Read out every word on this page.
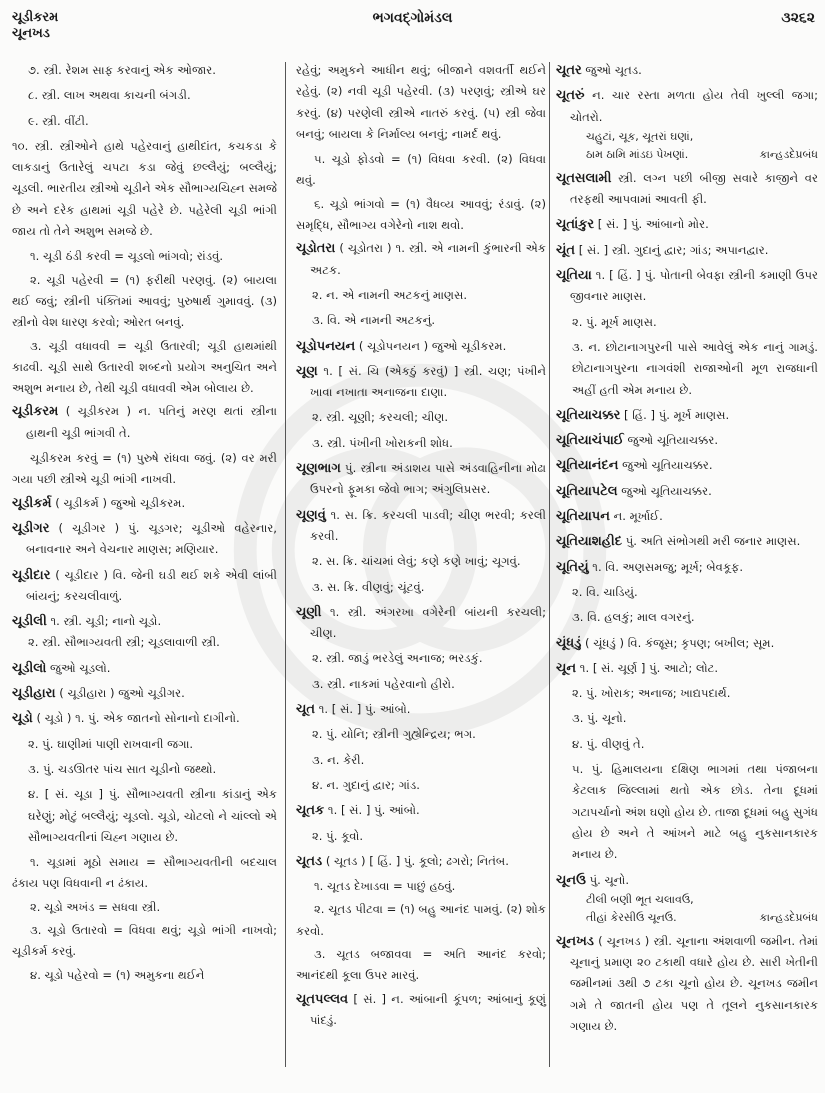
ચૂડીકરમ
ચૂનખડ
ભગવદ્ગોમંડલ	૩૨૬૨

૭. સ્ત્રી. રેશમ સાફ કરવાનું એક ઓજાર.

૮. સ્ત્રી. લાખ અથવા કાચની બંગડી.

૯. સ્ત્રી. વીંટી.

૧૦. સ્ત્રી. સ્ત્રીઓને હાથે પહેરવાનું હાથીદાંત, કચકડા કે લાકડાનું ઉતારેલું ચપટા કડા જેવું છલ્લૈયું; બલ્લૈયું; ચૂડલી. ભારતીય સ્ત્રીઓ ચૂડીને એક સૌભાગ્યચિહ્ન સમજે છે અને દરેક હાથમાં ચૂડી પહેરે છે. પહેરેલી ચૂડી ભાંગી જાય તો તેને અશુભ સમજે છે.

૧. ચૂડી ઠંડી કરવી = ચૂડલો ભાંગવો; રાંડવું.

૨. ચૂડી પહેરવી = (૧) ફરીથી પરણવું. (૨) બાયલા થઈ જવું; સ્ત્રીની પંક્તિમાં આવવું; પુરુષાર્થ ગુમાવવું. (૩) સ્ત્રીનો વેશ ધારણ કરવો; ઓરત બનવું.

૩. ચૂડી વધાવવી = ચૂડી ઉતારવી; ચૂડી હાથમાંથી કાઢવી. ચૂડી સાથે ઉતારવી શબ્દનો પ્રયોગ અનુચિત અને અશુભ મનાય છે, તેથી ચૂડી વધાવવી એમ બોલાય છે.

ચૂડીકરમ ( ચૂડીકરમ ) ન. પતિનું મરણ થતાં સ્ત્રીના હાથની ચૂડી ભાંગવી તે.

ચૂડીકરમ કરવું = (૧) પુરુષે રાંધવા જવું. (૨) વર મરી ગયા પછી સ્ત્રીએ ચૂડી ભાંગી નાખવી.

ચૂડીકર્મ ( ચૂડીકર્મ ) જુઓ ચૂડીકરમ.

ચૂડીગર ( ચૂડીગર ) પું. ચૂડગર; ચૂડીઓ વહેરનાર, બનાવનાર અને વેચનાર માણસ; મણિયાર.

ચૂડીદાર ( ચૂડીદાર ) વિ. જેની ઘડી થઈ શકે એવી લાંબી બાંયનું; કરચલીવાળું.

ચૂડીલી ૧. સ્ત્રી. ચૂડી; નાનો ચૂડો.

૨. સ્ત્રી. સૌભાગ્યવતી સ્ત્રી; ચૂડલાવાળી સ્ત્રી.

ચૂડીલો જુઓ ચૂડલો.

ચૂડીહારા ( ચૂડીહારા ) જુઓ ચૂડીગર.

ચૂડો ( ચૂડો ) ૧. પું. એક જાતનો સોનાનો દાગીનો.

૨. પું. ઘાણીમાં પાણી રાખવાની જગા.

૩. પું. ચડઊતર પાંચ સાત ચૂડીનો જથ્થો.

૪. [ સં. ચૂડા ] પું. સૌભાગ્યવતી સ્ત્રીના કાંડાનું એક ઘરેણું; મોટું બલ્લૈયું; ચૂડલો. ચૂડો, ચોટલો ને ચાંલ્લો એ સૌભાગ્યવતીનાં ચિહ્ન ગણાય છે.

૧. ચૂડામાં મૂઠો સમાય = સૌભાગ્યવતીની બદચાલ ઢંકાય પણ વિધવાની ન ઢંકાય.

૨. ચૂડો અખંડ = સધવા સ્ત્રી.

૩. ચૂડો ઉતારવો = વિધવા થવું; ચૂડો ભાંગી નાખવો; ચૂડીકર્મ કરવું.

૪. ચૂડો પહેરવો = (૧) અમુકના થઈને

રહેવું; અમુકને આધીન થવું; બીજાને વશવર્તી થઈને રહેવું. (૨) નવી ચૂડી પહેરવી. (૩) પરણવું; સ્ત્રીએ ઘર કરવું. (૪) પરણેલી સ્ત્રીએ નાતરું કરવું. (૫) સ્ત્રી જેવા બનવું; બાયલા કે નિર્માલ્ય બનવું; નામર્દ થવું.

૫. ચૂડો ફોડવો = (૧) વિધવા કરવી. (૨) વિધવા થવું.

૬. ચૂડો ભાંગવો = (૧) વૈધવ્ય આવવું; રંડાવું. (૨) સમૃદ્ધિ, સૌભાગ્ય વગેરેનો નાશ થવો.

ચૂડોતરા ( ચૂડોતરા ) ૧. સ્ત્રી. એ નામની કુંભારની એક અટક.

૨. ન. એ નામની અટકનું માણસ.

૩. વિ. એ નામની અટકનું.

ચૂડોપનયન ( ચૂડોપનયન ) જુઓ ચૂડીકરમ.

ચૂણ ૧. [ સં. ચિ (એકઠું કરવું) ] સ્ત્રી. ચણ; પંખીને ખાવા નખાતા અનાજના દાણા.

૨. સ્ત્રી. ચૂણી; કરચલી; ચીણ.

૩. સ્ત્રી. પંખીની ખોરાકની શોધ.

ચૂણભાગ પું. સ્ત્રીના અંડાશય પાસે અંડવાહિનીના મોઢા ઉપરનો ફૂમકા જેવો ભાગ; અંગુલિપ્રસર.

ચૂણવું ૧. સ. ક્રિ. કરચલી પાડવી; ચીણ ભરવી; કરલી કરવી.

૨. સ. ક્રિ. ચાંચમાં લેવું; કણે કણે ખાવું; ચૂગવું.

૩. સ. ક્રિ. વીણવું; ચૂંટવું.

ચૂણી ૧. સ્ત્રી. અંગરખા વગેરેની બાંયની કરચલી; ચીણ.

૨. સ્ત્રી. જાડું ભરડેલું અનાજ; ભરડકું.

૩. સ્ત્રી. નાકમાં પહેરવાનો હીરો.

ચૂત ૧. [ સં. ] પું. આંબો.

૨. પું. યોનિ; સ્ત્રીની ગુહ્યેન્દ્રિય; ભગ.

૩. ન. કેરી.

૪. ન. ગુદાનું દ્વાર; ગાંડ.

ચૂતક ૧. [ સં. ] પું. આંબો.

૨. પું. કૂવો.

ચૂતડ ( ચૂતડ ) [ હિં. ] પું. કૂલો; ઢગરો; નિતંબ.

૧. ચૂતડ દેખાડવા = પાછું હઠવું.

૨. ચૂતડ પીટવા = (૧) બહુ આનંદ પામવું. (૨) શોક કરવો.

૩. ચૂતડ બજાવવા = અતિ આનંદ કરવો; આનંદથી કૂલા ઉપર મારવું.

ચૂતપલ્લવ [ સં. ] ન. આંબાની કૂંપળ; આંબાનું કૂણું પાંદડું.

ચૂતર જુઓ ચૂતડ.

ચૂતરું ન. ચાર રસ્તા મળતા હોય તેવી ખુલ્લી જગા; ચોતરો.

ચહુટાં, ચૂક, ચૂતરાં ઘણાં,
ઠામ ઠામિ માંડઇ પેખણાં.	કાન્હડદેપ્રબંધ

ચૂતસલામી સ્ત્રી. લગ્ન પછી બીજી સવારે કાજીને વર તરફથી આપવામાં આવતી ફી.

ચૂતાંકુર [ સં. ] પું. આંબાનો મોર.

ચૂંત [ સં. ] સ્ત્રી. ગુદાનું દ્વાર; ગાંડ; અપાનદ્વાર.

ચૂતિયા ૧. [ હિં. ] પું. પોતાની બેવફા સ્ત્રીની કમાણી ઉપર જીવનાર માણસ.

૨. પું. મૂર્ખ માણસ.

૩. ન. છોટાનાગપુરની પાસે આવેલું એક નાનું ગામડું. છોટાનાગપુરના નાગવંશી રાજાઓની મૂળ રાજધાની અહીં હતી એમ મનાય છે.

ચૂતિયાચક્કર [ હિં. ] પું. મૂર્ખ માણસ.

ચૂતિયાચંપાઈ જુઓ ચૂતિયાચક્કર.

ચૂતિયાનંદન જુઓ ચૂતિયાચક્કર.

ચૂતિયાપટેલ જુઓ ચૂતિયાચક્કર.

ચૂતિયાપન ન. મૂર્ખાઈ.

ચૂતિયાશહીદ પું. અતિ સંભોગથી મરી જનાર માણસ.

ચૂતિયું ૧. વિ. અણસમજુ; મૂર્ખ; બેવકૂફ.

૨. વિ. ચાડિયું.

૩. વિ. હલકું; માલ વગરનું.

ચૂંધડું ( ચૂંધડું ) વિ. કંજૂસ; કૃપણ; બખીલ; સૂમ.

ચૂન ૧. [ સં. ચૂર્ણ ] પું. આટો; લોટ.

૨. પું. ખોરાક; અનાજ; ખાદ્યપદાર્થ.

૩. પું. ચૂનો.

૪. પું. વીણવું તે.

૫. પું. હિમાલયના દક્ષિણ ભાગમાં તથા પંજાબના કેટલાક જિલ્લામાં થતો એક છોડ. તેના દૂધમાં ગટાપર્ચાનો અંશ ઘણો હોય છે. તાજા દૂધમાં બહુ સુગંધ હોય છે અને તે આંખને માટે બહુ નુકસાનકારક મનાય છે.

ચૂનઉ પું. ચૂનો.

ટીલી બણી ભૂત ચલાવઉ,
તીહાં કેરસીઉ ચૂનઉ.	કાન્હડદેપ્રબંધ

ચૂનખડ ( ચૂનખડ ) સ્ત્રી. ચૂનાના અંશવાળી જમીન. તેમાં ચૂનાનું પ્રમાણ ૨૦ ટકાથી વધારે હોય છે. સારી ખેતીની જમીનમાં ૩થી ૭ ટકા ચૂનો હોય છે. ચૂનખડ જમીન ગમે તે જાતની હોય પણ તે તૂલને નુકસાનકારક ગણાય છે.
